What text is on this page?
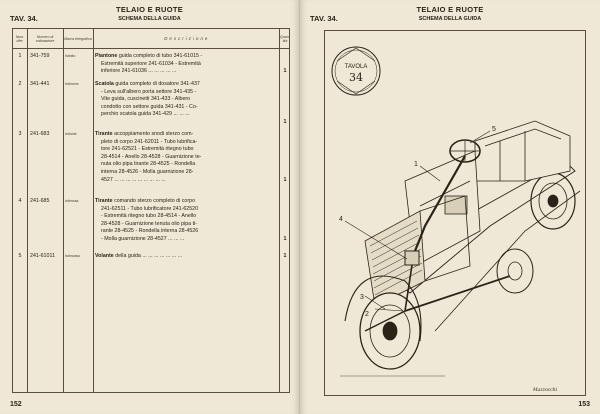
TELAIO E RUOTE
TAV. 34.	SCHEMA DELLA GUIDA
Num. rifer.
Numero di ordinazione
Marca telegrafica	D e s c r i z i o n e	Quan- tità
1	341-759	Istinito	Piantone guida completo di tubo 341-61015 -
Estremità superiore 241-61034 - Estremità
inferiore 241-61036 ... ... ... ... ...	1
2	341-441	Istimone	Scatola guida completo di dosatore 341-437
- Leva sull'albero porta settore 341-435 -
Vite guida, cuscinetti 341-433 - Albero
condotto con settore guida 341-431 - Co-
perchio scatola guida 341-429 ... ... ...
1
3	241-683	Istinote	Tirante accoppiamento snodi sterzo com-
pleto di corpo 241-62011 - Tubo lubrifica-
tore 241-62521 - Estremità ritegno tubo
28-4514 - Anello 28-4528 - Guarnizione te-
nuta olio pipa tirante 28-4525 - Rondella
interna 28-4526 - Molla guarnizione 28-
4527 ... ... ... ... ... ... ... ... ...	1
4	241-685	Istimosa	Tirante comando sterzo completo di corpo
241-62511 - Tubo lubrificatore 241-62520
- Estremità ritegno tubo 28-4514 - Anello
28-4528 - Guarnizione tenuta olio pipa ti-
rante 28-4525 - Rondella interna 28-4526
- Molla guarnizione 28-4527 ... ... ...	1
5	241-61011	Istimosso	Volante della guida ... ... ... ... ... ... ...	1
152
TELAIO E RUOTE
TAV. 34.	SCHEMA DELLA GUIDA
TAVOLA
34
5
1
4
3
2
Mazzocchi
153
